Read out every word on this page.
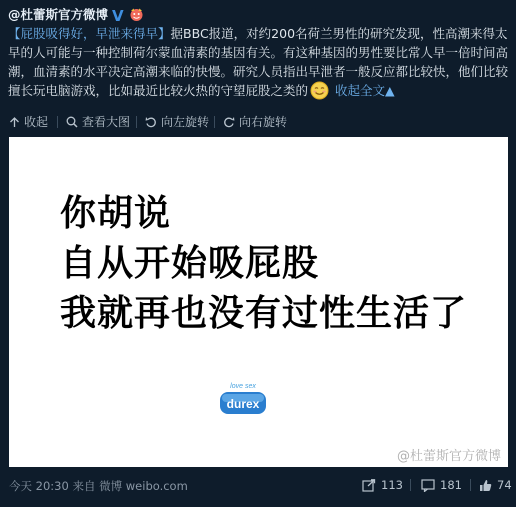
@杜蕾斯官方微博 V
【屁股吸得好，早泄来得早】据BBC报道，对约200名荷兰男性的研究发现，性高潮来得太早的人可能与一种控制荷尔蒙血清素的基因有关。有这种基因的男性要比常人早一倍时间高潮，血清素的水平决定高潮来临的快慢。研究人员指出早泄者一般反应都比较快，他们比较擅长玩电脑游戏，比如最近比较火热的守望屁股之类的 收起全文▲
收起	查看大图	向左旋转 向右旋转
你胡说
自从开始吸屁股
我就再也没有过性生活了
love sex
durex
@杜蕾斯官方微博
今天 20:30 来自 微博 weibo.com	113	181	74
